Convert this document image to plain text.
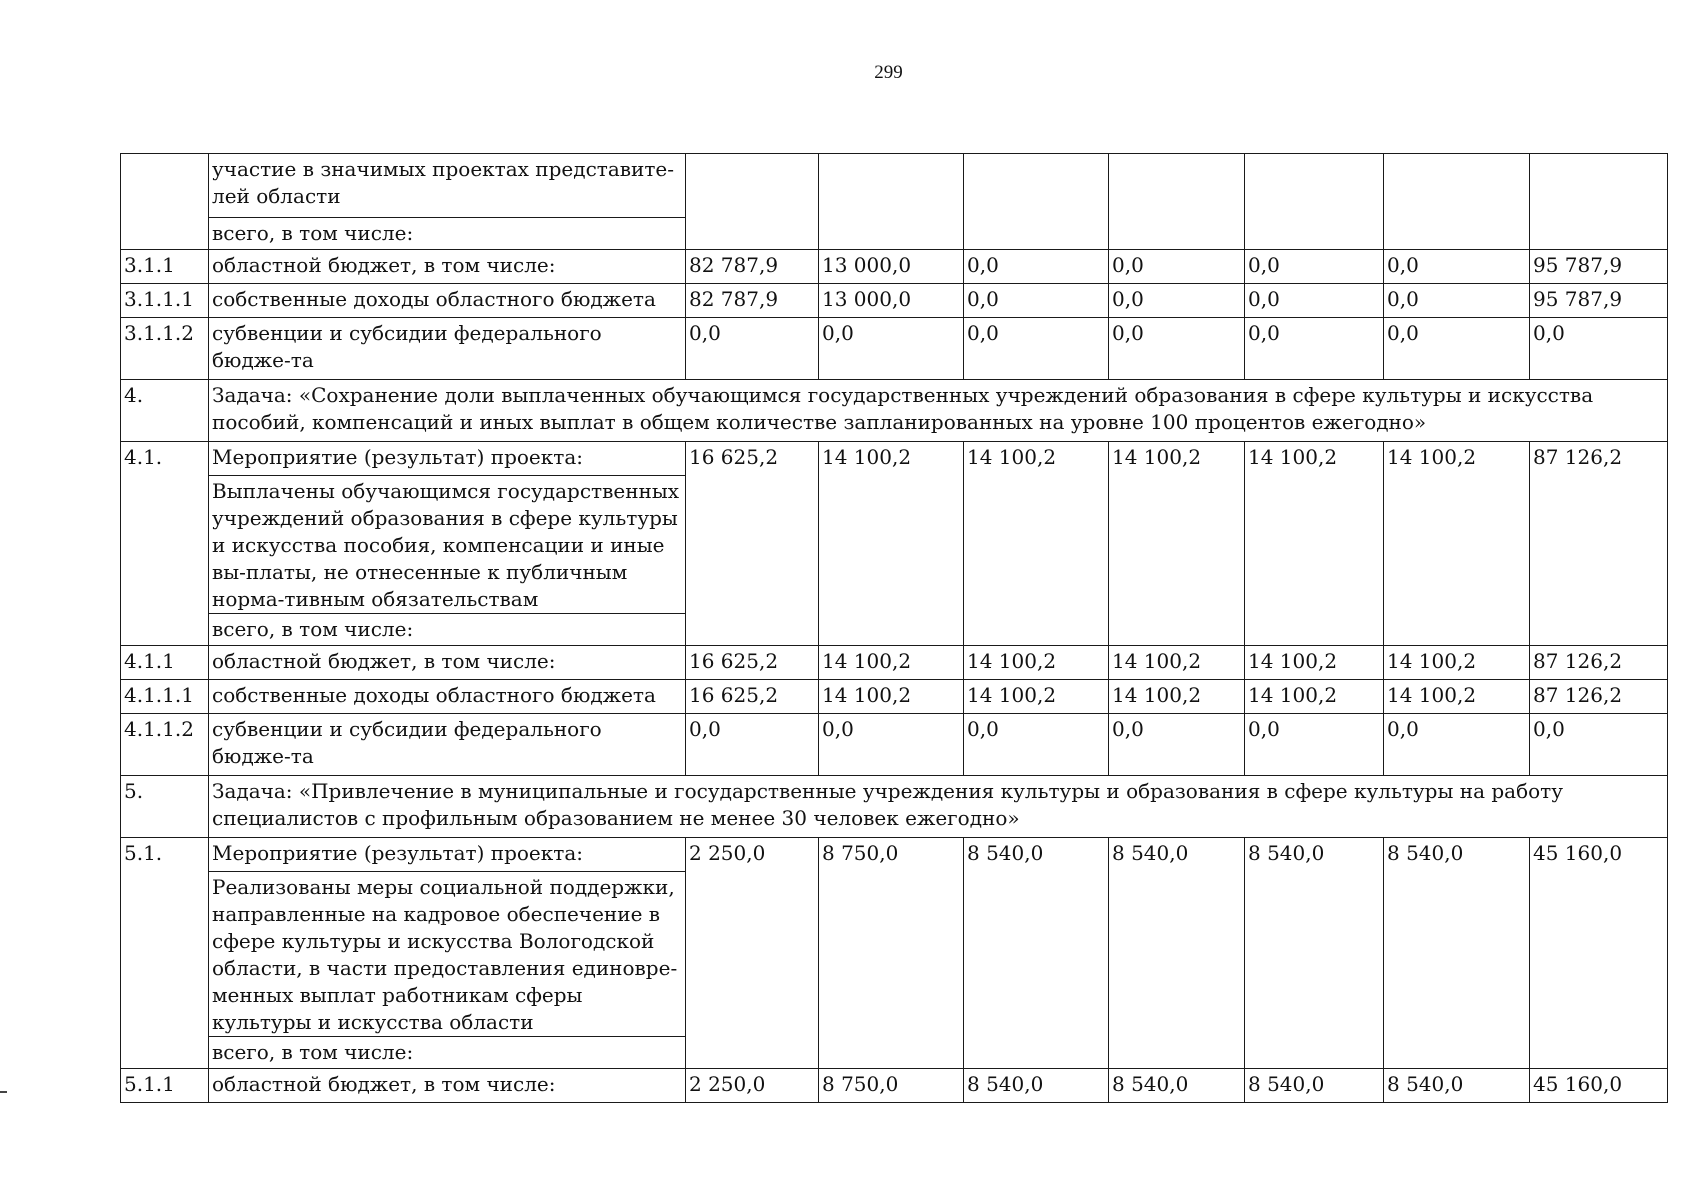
299
	участие в значимых проектах представите-лей области							
	всего, в том числе:							
3.1.1	областной бюджет, в том числе:	82 787,9	13 000,0	0,0	0,0	0,0	0,0	95 787,9
3.1.1.1	собственные доходы областного бюджета	82 787,9	13 000,0	0,0	0,0	0,0	0,0	95 787,9
3.1.1.2	субвенции и субсидии федерального бюдже-та	0,0	0,0	0,0	0,0	0,0	0,0	0,0
4.	Задача: «Сохранение доли выплаченных обучающимся государственных учреждений образования в сфере культуры и искусства пособий, компенсаций и иных выплат в общем количестве запланированных на уровне 100 процентов ежегодно»							
4.1.	Мероприятие (результат) проекта:	16 625,2	14 100,2	14 100,2	14 100,2	14 100,2	14 100,2	87 126,2
	Выплачены обучающимся государственных учреждений образования в сфере культуры и искусства пособия, компенсации и иные вы-платы, не отнесенные к публичным норма-тивным обязательствам							
	всего, в том числе:							
4.1.1	областной бюджет, в том числе:	16 625,2	14 100,2	14 100,2	14 100,2	14 100,2	14 100,2	87 126,2
4.1.1.1	собственные доходы областного бюджета	16 625,2	14 100,2	14 100,2	14 100,2	14 100,2	14 100,2	87 126,2
4.1.1.2	субвенции и субсидии федерального бюдже-та	0,0	0,0	0,0	0,0	0,0	0,0	0,0
5.	Задача: «Привлечение в муниципальные и государственные учреждения культуры и образования в сфере культуры на работу специалистов с профильным образованием не менее 30 человек ежегодно»							
5.1.	Мероприятие (результат) проекта:	2 250,0	8 750,0	8 540,0	8 540,0	8 540,0	8 540,0	45 160,0
	Реализованы меры социальной поддержки, направленные на кадровое обеспечение в сфере культуры и искусства Вологодской области, в части предоставления единовре-менных выплат работникам сферы культуры и искусства области							
	всего, в том числе:							
5.1.1	областной бюджет, в том числе:	2 250,0	8 750,0	8 540,0	8 540,0	8 540,0	8 540,0	45 160,0
